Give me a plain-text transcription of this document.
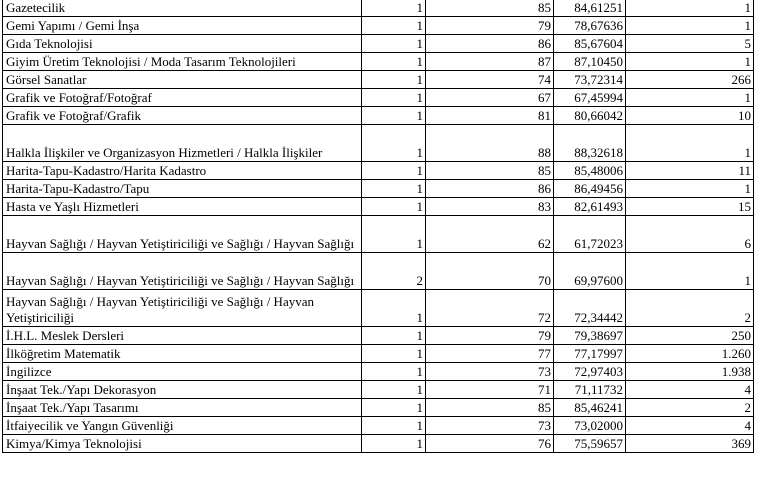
Gazetecilik	1	85	84,61251	1
Gemi Yapımı / Gemi İnşa	1	79	78,67636	1
Gıda Teknolojisi	1	86	85,67604	5
Giyim Üretim Teknolojisi / Moda Tasarım Teknolojileri	1	87	87,10450	1
Görsel Sanatlar	1	74	73,72314	266
Grafik ve Fotoğraf/Fotoğraf	1	67	67,45994	1
Grafik ve Fotoğraf/Grafik	1	81	80,66042	10
Halkla İlişkiler ve Organizasyon Hizmetleri / Halkla İlişkiler	1	88	88,32618	1
Harita-Tapu-Kadastro/Harita Kadastro	1	85	85,48006	11
Harita-Tapu-Kadastro/Tapu	1	86	86,49456	1
Hasta ve Yaşlı Hizmetleri	1	83	82,61493	15
Hayvan Sağlığı / Hayvan Yetiştiriciliği ve Sağlığı / Hayvan Sağlığı	1	62	61,72023	6
Hayvan Sağlığı / Hayvan Yetiştiriciliği ve Sağlığı / Hayvan Sağlığı	2	70	69,97600	1
Hayvan Sağlığı / Hayvan Yetiştiriciliği ve Sağlığı / Hayvan Yetiştiriciliği	1	72	72,34442	2
İ.H.L. Meslek Dersleri	1	79	79,38697	250
İlköğretim Matematik	1	77	77,17997	1.260
İngilizce	1	73	72,97403	1.938
İnşaat Tek./Yapı Dekorasyon	1	71	71,11732	4
İnşaat Tek./Yapı Tasarımı	1	85	85,46241	2
İtfaiyecilik ve Yangın Güvenliği	1	73	73,02000	4
Kimya/Kimya Teknolojisi	1	76	75,59657	369
